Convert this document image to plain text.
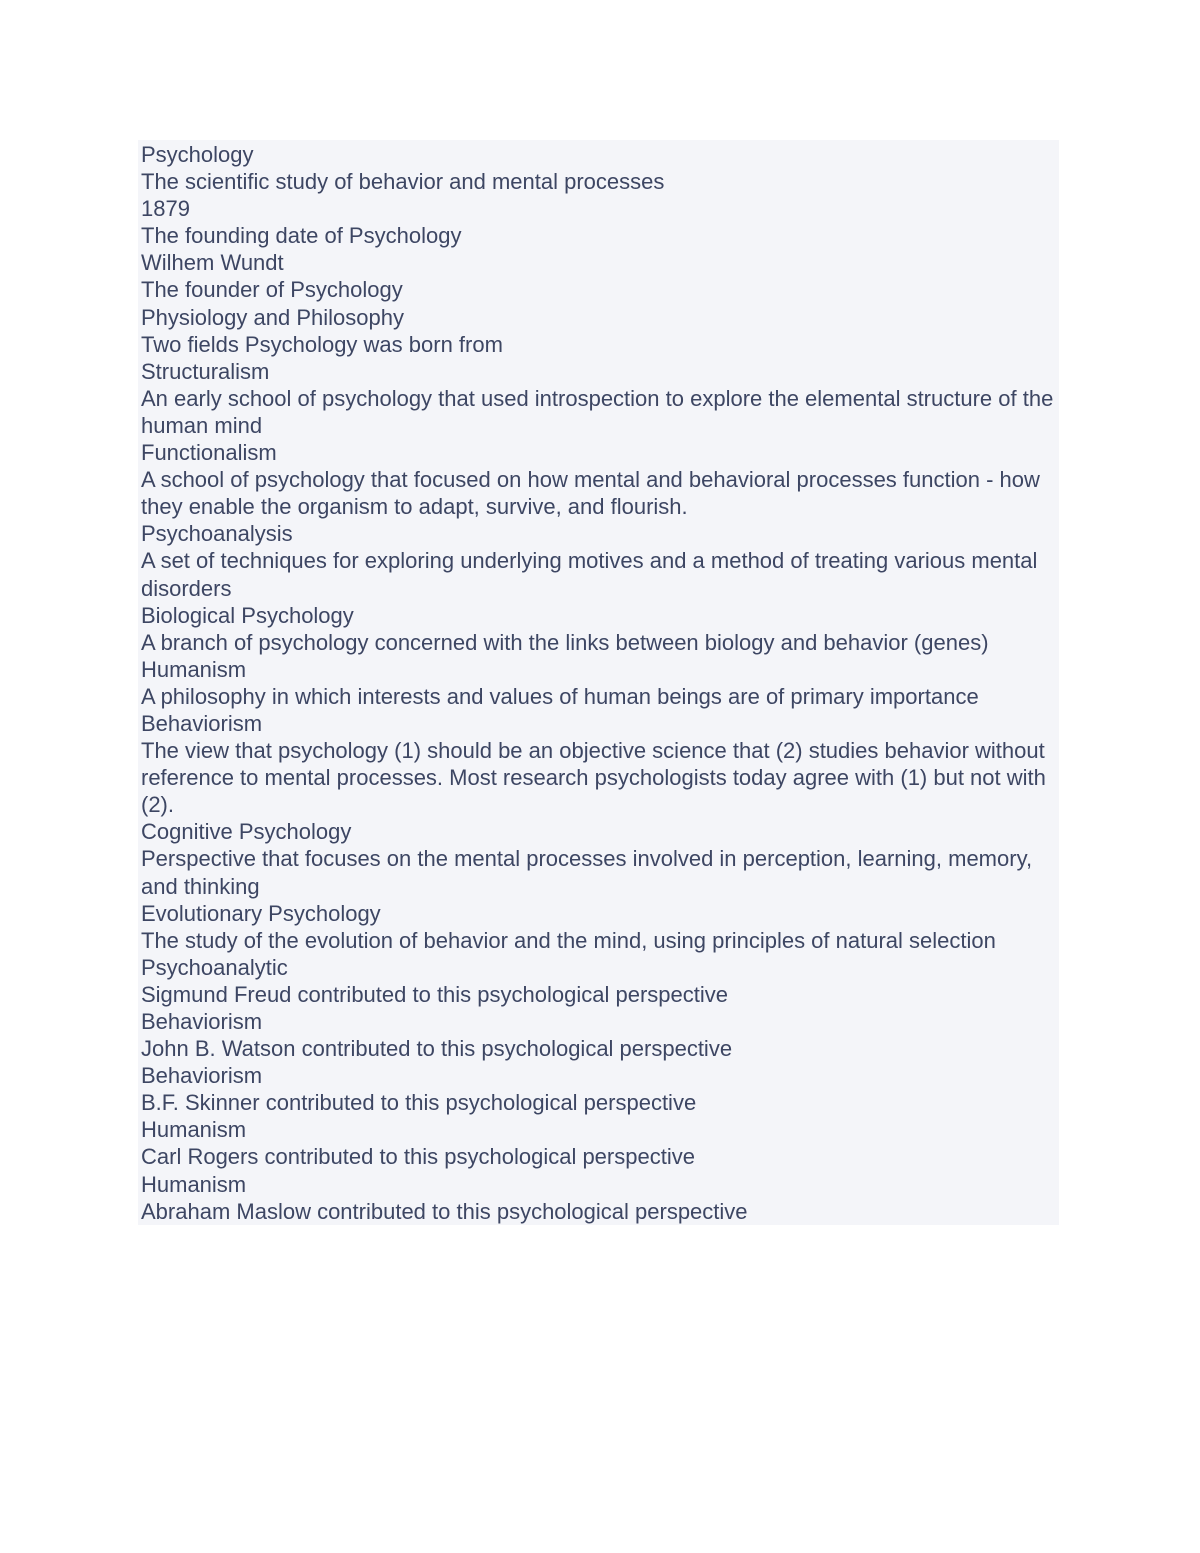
Psychology

The scientific study of behavior and mental processes

1879

The founding date of Psychology

Wilhem Wundt

The founder of Psychology

Physiology and Philosophy

Two fields Psychology was born from

Structuralism

An early school of psychology that used introspection to explore the elemental structure of the human mind

Functionalism

A school of psychology that focused on how mental and behavioral processes function - how they enable the organism to adapt, survive, and flourish.

Psychoanalysis

A set of techniques for exploring underlying motives and a method of treating various mental disorders

Biological Psychology

A branch of psychology concerned with the links between biology and behavior (genes)

Humanism

A philosophy in which interests and values of human beings are of primary importance

Behaviorism

The view that psychology (1) should be an objective science that (2) studies behavior without reference to mental processes. Most research psychologists today agree with (1) but not with (2).

Cognitive Psychology

Perspective that focuses on the mental processes involved in perception, learning, memory, and thinking

Evolutionary Psychology

The study of the evolution of behavior and the mind, using principles of natural selection

Psychoanalytic

Sigmund Freud contributed to this psychological perspective

Behaviorism

John B. Watson contributed to this psychological perspective

Behaviorism

B.F. Skinner contributed to this psychological perspective

Humanism

Carl Rogers contributed to this psychological perspective

Humanism

Abraham Maslow contributed to this psychological perspective
